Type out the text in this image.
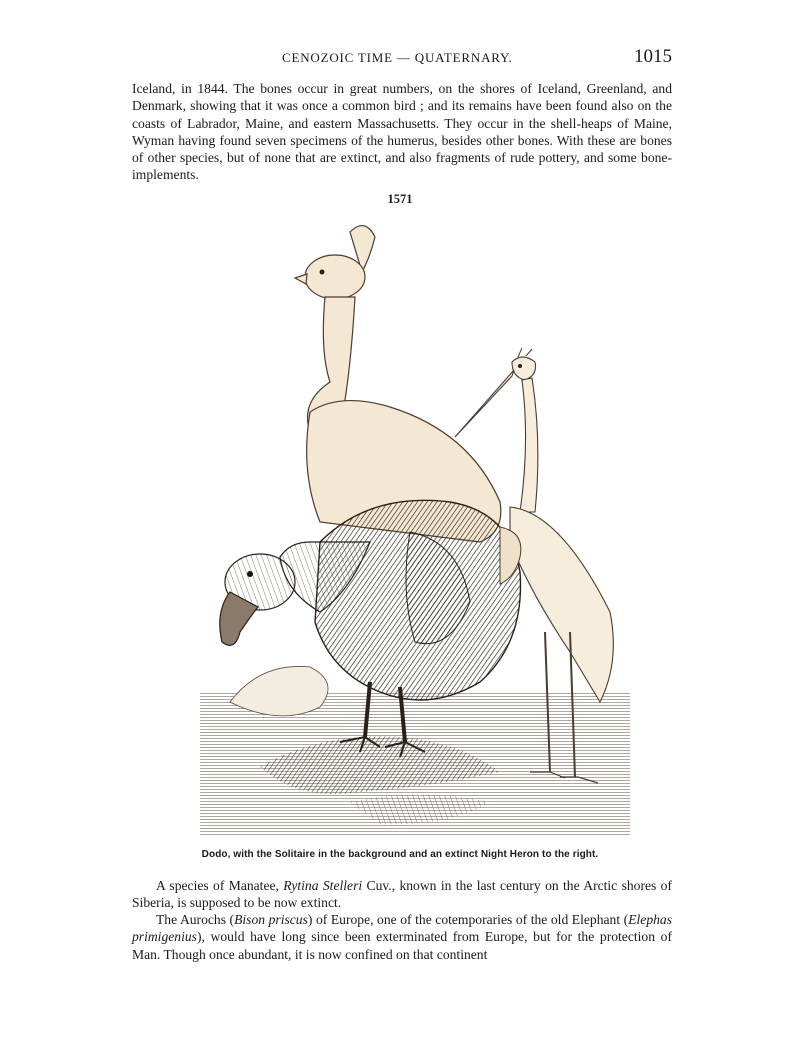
CENOZOIC TIME — QUATERNARY.	1015

Iceland, in 1844. The bones occur in great numbers, on the shores of Iceland, Greenland, and Denmark, showing that it was once a common bird ; and its remains have been found also on the coasts of Labrador, Maine, and eastern Massachusetts. They occur in the shell-heaps of Maine, Wyman having found seven specimens of the humerus, besides other bones. With these are bones of other species, but of none that are extinct, and also fragments of rude pottery, and some bone-implements.

1571
Dodo, with the Solitaire in the background and an extinct Night Heron to the right.

A species of Manatee, Rytina Stelleri Cuv., known in the last century on the Arctic shores of Siberia, is supposed to be now extinct.

The Aurochs (Bison priscus) of Europe, one of the cotemporaries of the old Elephant (Elephas primigenius), would have long since been exterminated from Europe, but for the protection of Man. Though once abundant, it is now confined on that continent
